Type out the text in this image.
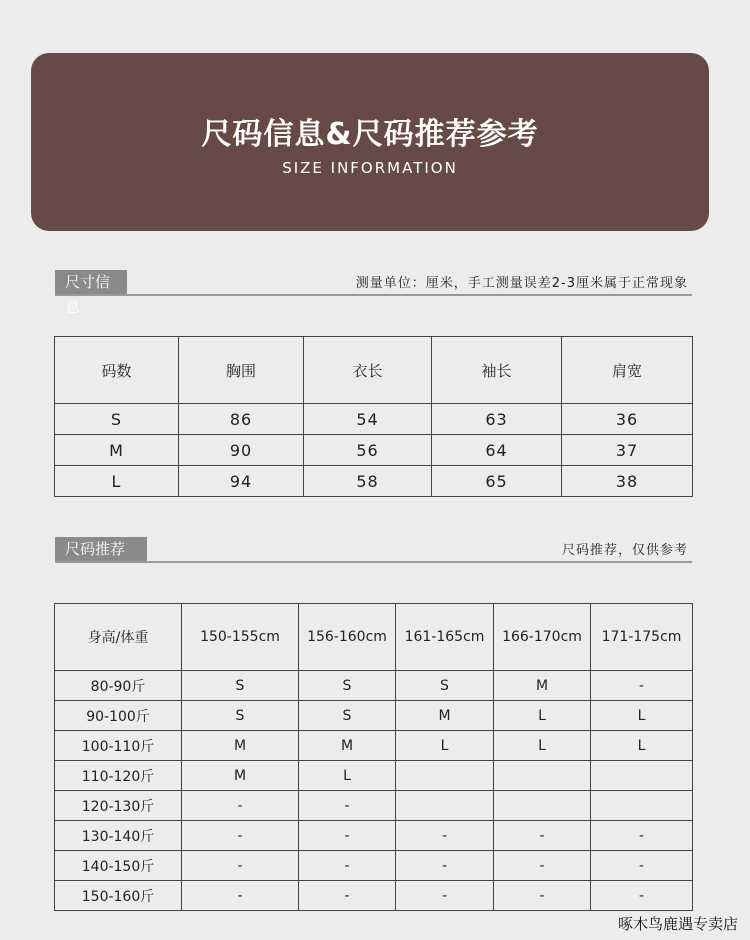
尺码信息&尺码推荐参考
SIZE INFORMATION
尺寸信息
测量单位：厘米，手工测量误差2-3厘米属于正常现象
码数	胸围	衣长	袖长	肩宽
S	86	54	63	36
M	90	56	64	37
L	94	58	65	38
尺码推荐	尺码推荐，仅供参考
身高/体重	150-155cm	156-160cm	161-165cm	166-170cm	171-175cm
80-90斤	S	S	S	M	-
90-100斤	S	S	M	L	L
100-110斤	M	M	L	L	L
110-120斤	M	L			
120-130斤	-	-			
130-140斤	-	-	-	-	-
140-150斤	-	-	-	-	-
150-160斤	-	-	-	-	-
啄木鸟鹿遇专卖店
